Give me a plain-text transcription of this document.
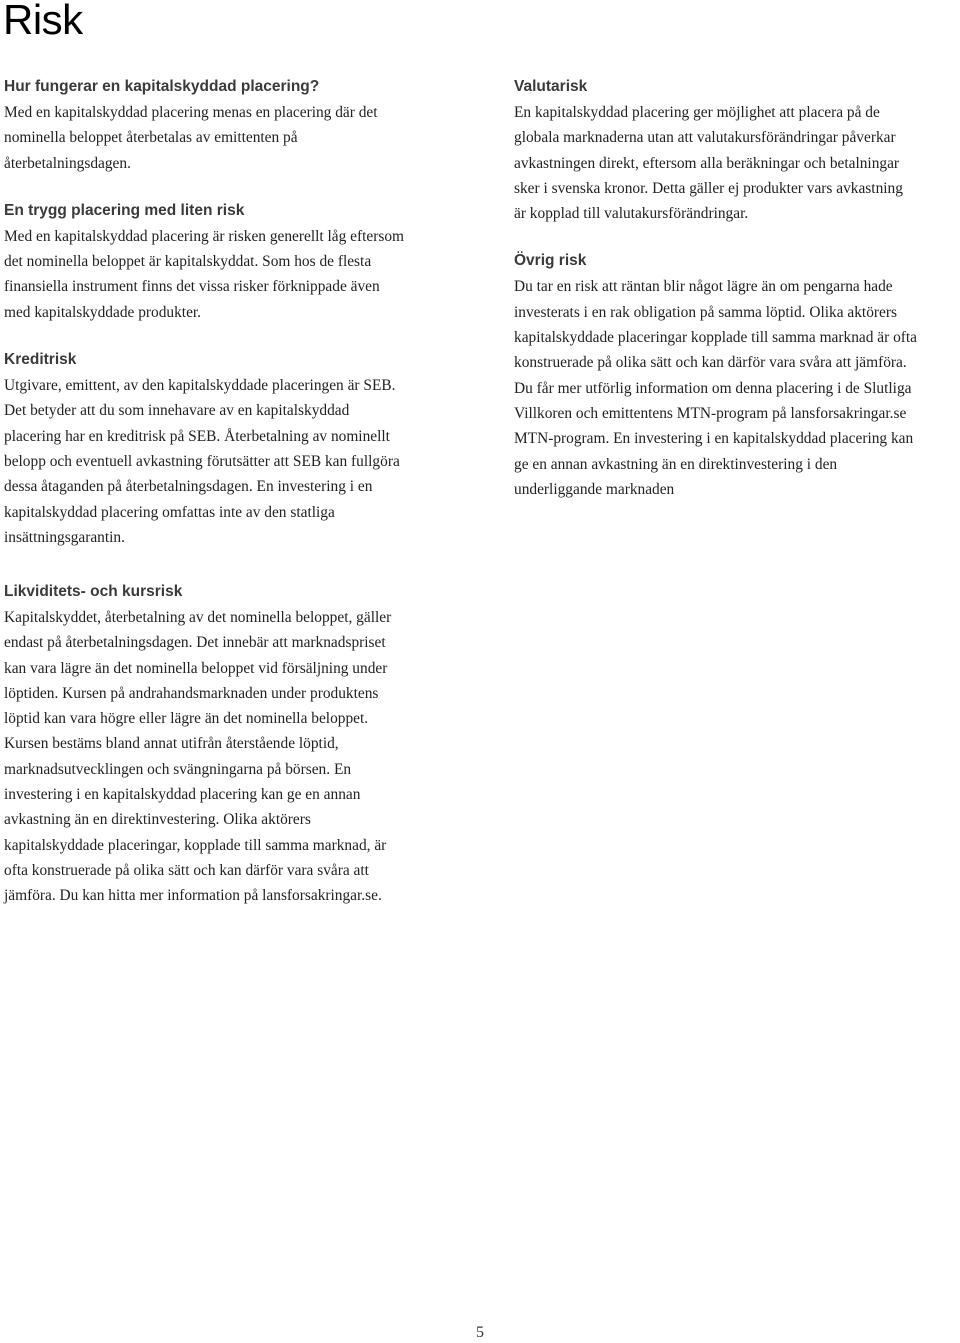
Risk
Hur fungerar en kapitalskyddad placering?

Med en kapitalskyddad placering menas en placering där det
nominella beloppet återbetalas av emittenten på
återbetalningsdagen.

En trygg placering med liten risk

Med en kapitalskyddad placering är risken generellt låg eftersom
det nominella beloppet är kapitalskyddat. Som hos de flesta
finansiella instrument finns det vissa risker förknippade även
med kapitalskyddade produkter.

Kreditrisk

Utgivare, emittent, av den kapitalskyddade placeringen är SEB.
Det betyder att du som innehavare av en kapitalskyddad
placering har en kreditrisk på SEB. Återbetalning av nominellt
belopp och eventuell avkastning förutsätter att SEB kan fullgöra
dessa åtaganden på återbetalningsdagen. En investering i en
kapitalskyddad placering omfattas inte av den statliga
insättningsgarantin.

Valutarisk

En kapitalskyddad placering ger möjlighet att placera på de
globala marknaderna utan att valutakursförändringar påverkar
avkastningen direkt, eftersom alla beräkningar och betalningar
sker i svenska kronor. Detta gäller ej produkter vars avkastning
är kopplad till valutakursförändringar.

Övrig risk

Du tar en risk att räntan blir något lägre än om pengarna hade
investerats i en rak obligation på samma löptid. Olika aktörers
kapitalskyddade placeringar kopplade till samma marknad är ofta
konstruerade på olika sätt och kan därför vara svåra att jämföra.
Du får mer utförlig information om denna placering i de Slutliga
Villkoren och emittentens MTN-program på lansforsakringar.se
MTN-program. En investering i en kapitalskyddad placering kan
ge en annan avkastning än en direktinvestering i den
underliggande marknaden

Likviditets- och kursrisk

Kapitalskyddet, återbetalning av det nominella beloppet, gäller
endast på återbetalningsdagen. Det innebär att marknadspriset
kan vara lägre än det nominella beloppet vid försäljning under
löptiden. Kursen på andrahandsmarknaden under produktens
löptid kan vara högre eller lägre än det nominella beloppet.
Kursen bestäms bland annat utifrån återstående löptid,
marknadsutvecklingen och svängningarna på börsen. En
investering i en kapitalskyddad placering kan ge en annan
avkastning än en direktinvestering. Olika aktörers
kapitalskyddade placeringar, kopplade till samma marknad, är
ofta konstruerade på olika sätt och kan därför vara svåra att
jämföra. Du kan hitta mer information på lansforsakringar.se.

5
